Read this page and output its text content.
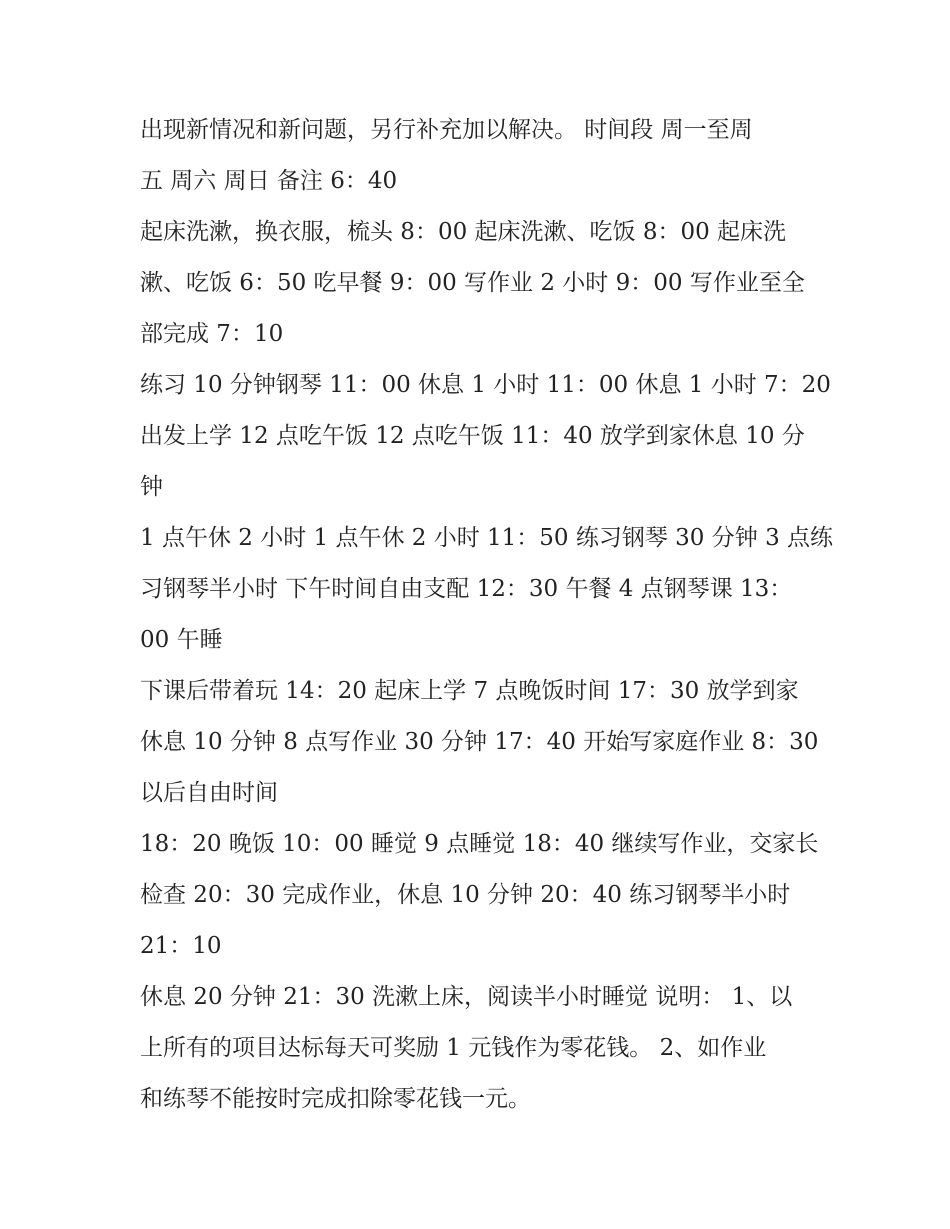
出现新情况和新问题，另行补充加以解决。 时间段 周一至周
五 周六 周日 备注 6：40
起床洗漱，换衣服，梳头 8：00 起床洗漱、吃饭 8：00 起床洗
漱、吃饭 6：50 吃早餐 9：00 写作业 2 小时 9：00 写作业至全
部完成 7：10
练习 10 分钟钢琴 11：00 休息 1 小时 11：00 休息 1 小时 7：20
出发上学 12 点吃午饭 12 点吃午饭 11：40 放学到家休息 10 分
钟
1 点午休 2 小时 1 点午休 2 小时 11：50 练习钢琴 30 分钟 3 点练
习钢琴半小时 下午时间自由支配 12：30 午餐 4 点钢琴课 13：
00 午睡
下课后带着玩 14：20 起床上学 7 点晚饭时间 17：30 放学到家
休息 10 分钟 8 点写作业 30 分钟 17：40 开始写家庭作业 8：30
以后自由时间
18：20 晚饭 10：00 睡觉 9 点睡觉 18：40 继续写作业，交家长
检查 20：30 完成作业，休息 10 分钟 20：40 练习钢琴半小时
21：10
休息 20 分钟 21：30 洗漱上床，阅读半小时睡觉 说明： 1、以
上所有的项目达标每天可奖励 1 元钱作为零花钱。 2、如作业
和练琴不能按时完成扣除零花钱一元。
